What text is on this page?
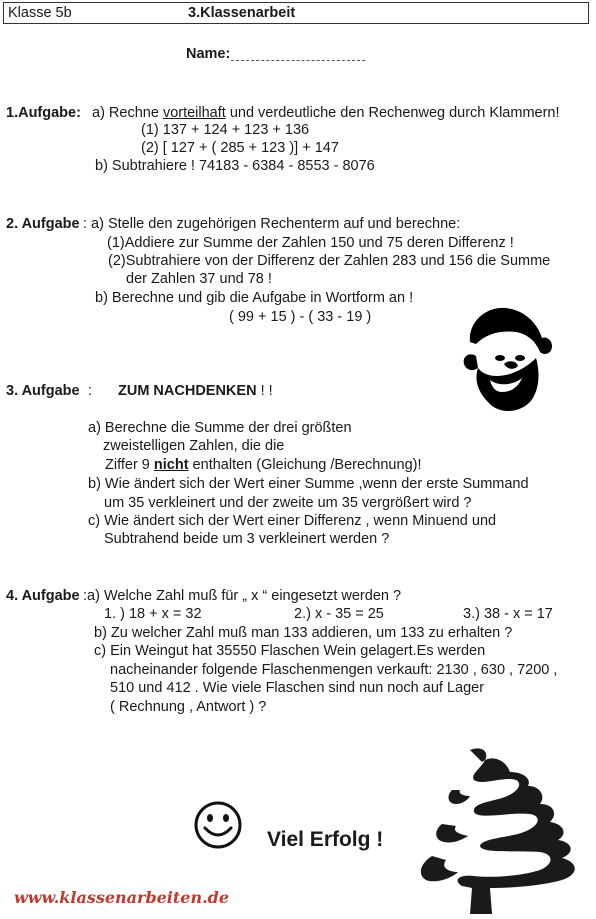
Klasse 5b	3.Klassenarbeit
Name:
1.Aufgabe: a) Rechne vorteilhaft und verdeutliche den Rechenweg durch Klammern!
(1) 137 + 124 + 123 + 136
(2) [ 127 + ( 285 + 123 )] + 147
b) Subtrahiere ! 74183 - 6384 - 8553 - 8076
2. Aufgabe : a) Stelle den zugehörigen Rechenterm auf und berechne:
(1)Addiere zur Summe der Zahlen 150 und 75 deren Differenz !
(2)Subtrahiere von der Differenz der Zahlen 283 und 156 die Summe
der Zahlen 37 und 78 !
b) Berechne und gib die Aufgabe in Wortform an !
( 99 + 15 ) - ( 33 - 19 )
3. Aufgabe : ZUM NACHDENKEN ! !
a) Berechne die Summe der drei größten
zweistelligen Zahlen, die die
Ziffer 9 nicht enthalten (Gleichung /Berechnung)!
b) Wie ändert sich der Wert einer Summe ,wenn der erste Summand
um 35 verkleinert und der zweite um 35 vergrößert wird ?
c) Wie ändert sich der Wert einer Differenz , wenn Minuend und
Subtrahend beide um 3 verkleinert werden ?
4. Aufgabe :a) Welche Zahl muß für „ x “ eingesetzt werden ?
1. ) 18 + x = 32	2.) x - 35 = 25	3.) 38 - x = 17
b) Zu welcher Zahl muß man 133 addieren, um 133 zu erhalten ?
c) Ein Weingut hat 35550 Flaschen Wein gelagert.Es werden
nacheinander folgende Flaschenmengen verkauft: 2130 , 630 , 7200 ,
510 und 412 . Wie viele Flaschen sind nun noch auf Lager
( Rechnung , Antwort ) ?
Viel Erfolg !
www.klassenarbeiten.de
